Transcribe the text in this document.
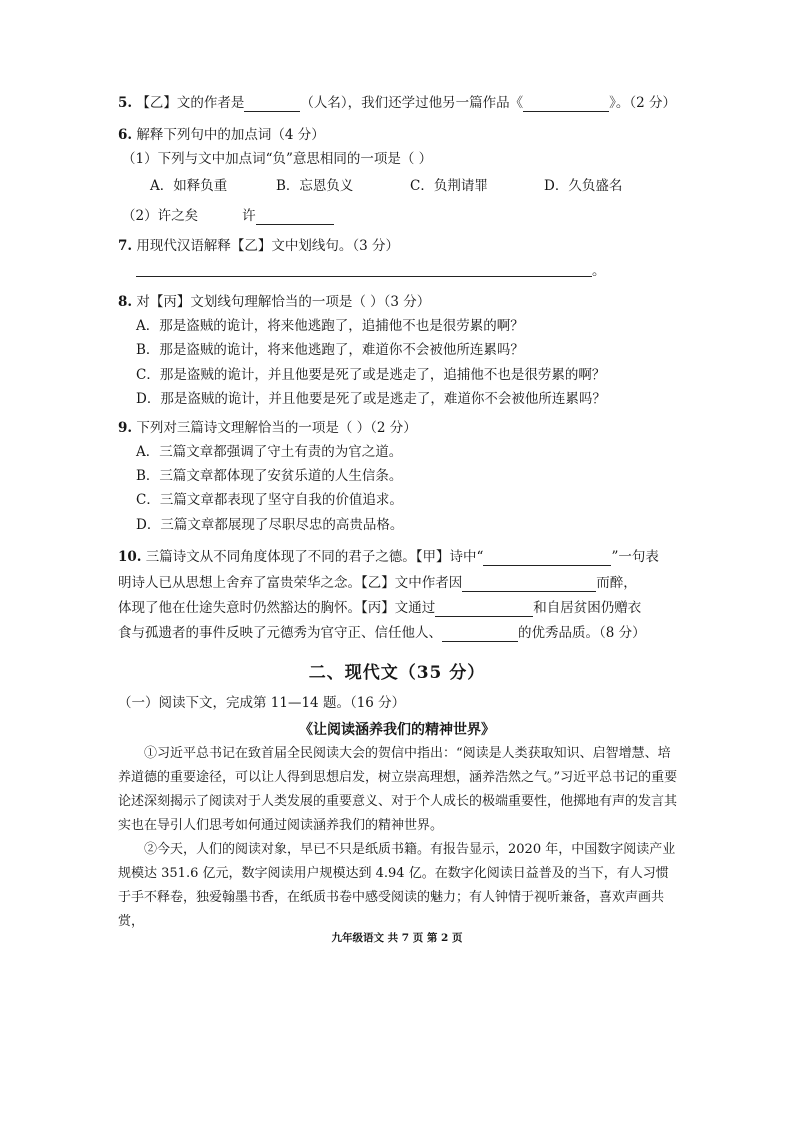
5. 【乙】文的作者是	（人名），我们还学过他另一篇作品《	》。（2 分）
6. 解释下列句中的加点词（4 分）
（1）下列与文中加点词“负”意思相同的一项是（ ）
A．如释负重	B．忘恩负义	C．负荆请罪	D．久负盛名
（2）许之矣	许
7. 用现代汉语解释【乙】文中划线句。（3 分）
。
8. 对【丙】文划线句理解恰当的一项是（ ）（3 分）
A．那是盗贼的诡计，将来他逃跑了，追捕他不也是很劳累的啊？
B．那是盗贼的诡计，将来他逃跑了，难道你不会被他所连累吗？
C．那是盗贼的诡计，并且他要是死了或是逃走了，追捕他不也是很劳累的啊？
D．那是盗贼的诡计，并且他要是死了或是逃走了，难道你不会被他所连累吗？
9. 下列对三篇诗文理解恰当的一项是（ ）（2 分）
A．三篇文章都强调了守土有责的为官之道。
B．三篇文章都体现了安贫乐道的人生信条。
C．三篇文章都表现了坚守自我的价值追求。
D．三篇文章都展现了尽职尽忠的高贵品格。
10. 三篇诗文从不同角度体现了不同的君子之德。【甲】诗中“	”一句表
明诗人已从思想上舍弃了富贵荣华之念。【乙】文中作者因	而醉，
体现了他在仕途失意时仍然豁达的胸怀。【丙】文通过	和自居贫困仍赠衣
食与孤遗者的事件反映了元德秀为官守正、信任他人、	的优秀品质。（8 分）
二、现代文（35 分）
（一）阅读下文，完成第 11—14 题。（16 分）
《让阅读涵养我们的精神世界》
①习近平总书记在致首届全民阅读大会的贺信中指出：“阅读是人类获取知识、启智增慧、培养道德的重要途径，可以让人得到思想启发，树立崇高理想，涵养浩然之气。”习近平总书记的重要论述深刻揭示了阅读对于人类发展的重要意义、对于个人成长的极端重要性，他掷地有声的发言其实也在导引人们思考如何通过阅读涵养我们的精神世界。
②今天，人们的阅读对象，早已不只是纸质书籍。有报告显示，2020 年，中国数字阅读产业规模达 351.6 亿元，数字阅读用户规模达到 4.94 亿。在数字化阅读日益普及的当下，有人习惯于手不释卷，独爱翰墨书香，在纸质书卷中感受阅读的魅力；有人钟情于视听兼备，喜欢声画共赏，
九年级语文 共 7 页 第 2 页
